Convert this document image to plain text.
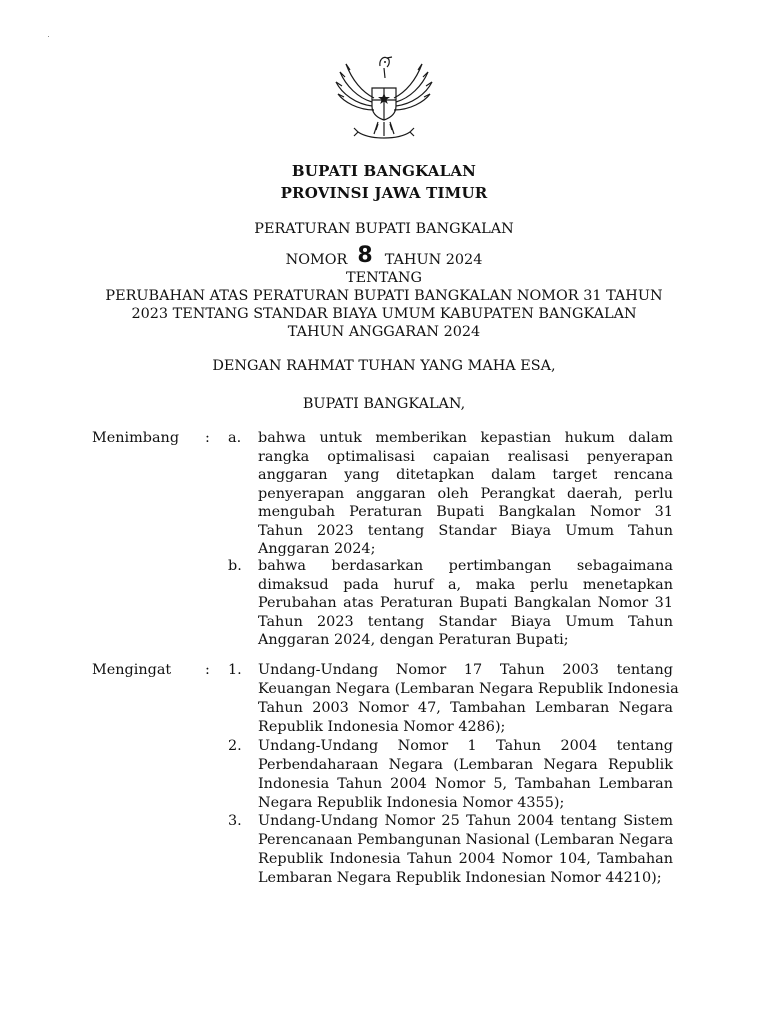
BUPATI BANGKALAN
PROVINSI JAWA TIMUR
PERATURAN BUPATI BANGKALAN
NOMOR 8 TAHUN 2024
TENTANG
PERUBAHAN ATAS PERATURAN BUPATI BANGKALAN NOMOR 31 TAHUN
2023 TENTANG STANDAR BIAYA UMUM KABUPATEN BANGKALAN
TAHUN ANGGARAN 2024
DENGAN RAHMAT TUHAN YANG MAHA ESA,
BUPATI BANGKALAN,
Menimbang : a. bahwa untuk memberikan kepastian hukum dalam
rangka optimalisasi capaian realisasi penyerapan
anggaran yang ditetapkan dalam target rencana
penyerapan anggaran oleh Perangkat daerah, perlu
mengubah Peraturan Bupati Bangkalan Nomor 31
Tahun 2023 tentang Standar Biaya Umum Tahun
Anggaran 2024;
b. bahwa berdasarkan pertimbangan sebagaimana
dimaksud pada huruf a, maka perlu menetapkan
Perubahan atas Peraturan Bupati Bangkalan Nomor 31
Tahun 2023 tentang Standar Biaya Umum Tahun
Anggaran 2024, dengan Peraturan Bupati;
Mengingat : 1. Undang-Undang Nomor 17 Tahun 2003 tentang
Keuangan Negara (Lembaran Negara Republik Indonesia
Tahun 2003 Nomor 47, Tambahan Lembaran Negara
Republik Indonesia Nomor 4286);
2. Undang-Undang Nomor 1 Tahun 2004 tentang
Perbendaharaan Negara (Lembaran Negara Republik
Indonesia Tahun 2004 Nomor 5, Tambahan Lembaran
Negara Republik Indonesia Nomor 4355);
3. Undang-Undang Nomor 25 Tahun 2004 tentang Sistem
Perencanaan Pembangunan Nasional (Lembaran Negara
Republik Indonesia Tahun 2004 Nomor 104, Tambahan
Lembaran Negara Republik Indonesian Nomor 44210);
